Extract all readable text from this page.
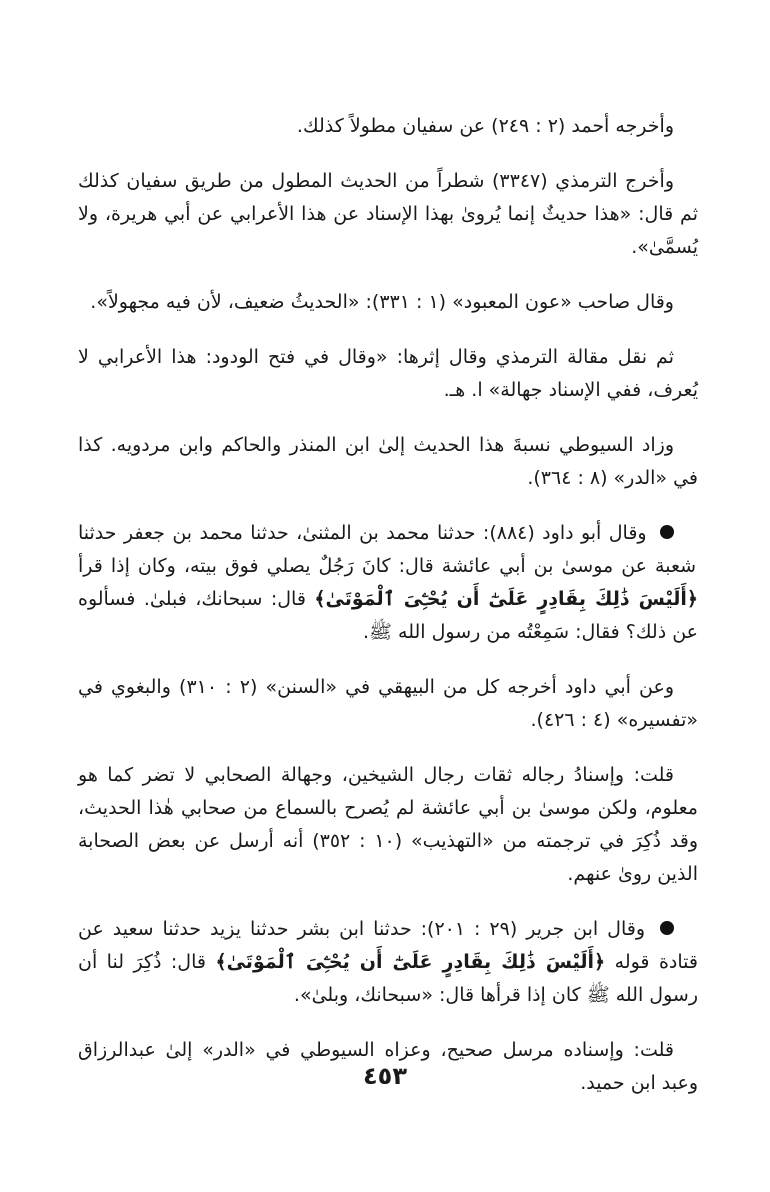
وأخرجه أحمد (٢ : ٢٤٩) عن سفيان مطولاً كذلك.

وأخرج الترمذي (٣٣٤٧) شطراً من الحديث المطول من طريق سفيان كذلك ثم قال: «هذا حديثٌ إنما يُروىٰ بهذا الإسناد عن هذا الأعرابي عن أبي هريرة، ولا يُسمَّىٰ».

وقال صاحب «عون المعبود» (١ : ٣٣١): «الحديثُ ضعيف، لأن فيه مجهولاً».

ثم نقل مقالة الترمذي وقال إثرها: «وقال في فتح الودود: هذا الأعرابي لا يُعرف، ففي الإسناد جهالة» ا. هـ.

وزاد السيوطي نسبةَ هذا الحديث إلىٰ ابن المنذر والحاكم وابن مردويه. كذا في «الدر» (٨ : ٣٦٤).

وقال أبو داود (٨٨٤): حدثنا محمد بن المثنىٰ، حدثنا محمد بن جعفر حدثنا شعبة عن موسىٰ بن أبي عائشة قال: كانَ رَجُلٌ يصلي فوق بيته، وكان إذا قرأ ﴿أَلَيْسَ ذَٰلِكَ بِقَادِرٍ عَلَىٰٓ أَن يُحْـِۧىَ ٱلْمَوْتَىٰ﴾ قال: سبحانك، فبلىٰ. فسألوه عن ذلك؟ فقال: سَمِعْتُه من رسول الله ﷺ.

وعن أبي داود أخرجه كل من البيهقي في «السنن» (٢ : ٣١٠) والبغوي في «تفسيره» (٤ : ٤٢٦).

قلت: وإسنادُ رجاله ثقات رجال الشيخين، وجهالة الصحابي لا تضر كما هو معلوم، ولكن موسىٰ بن أبي عائشة لم يُصرح بالسماع من صحابي هٰذا الحديث، وقد ذُكِرَ في ترجمته من «التهذيب» (١٠ : ٣٥٢) أنه أرسل عن بعض الصحابة الذين روىٰ عنهم.

وقال ابن جرير (٢٩ : ٢٠١): حدثنا ابن بشر حدثنا يزيد حدثنا سعيد عن قتادة قوله ﴿أَلَيْسَ ذَٰلِكَ بِقَادِرٍ عَلَىٰٓ أَن يُحْـِۧىَ ٱلْمَوْتَىٰ﴾ قال: ذُكِرَ لنا أن رسول الله ﷺ كان إذا قرأها قال: «سبحانك، وبلىٰ».

قلت: وإسناده مرسل صحيح، وعزاه السيوطي في «الدر» إلىٰ عبدالرزاق وعبد ابن حميد.

٤٥٣
